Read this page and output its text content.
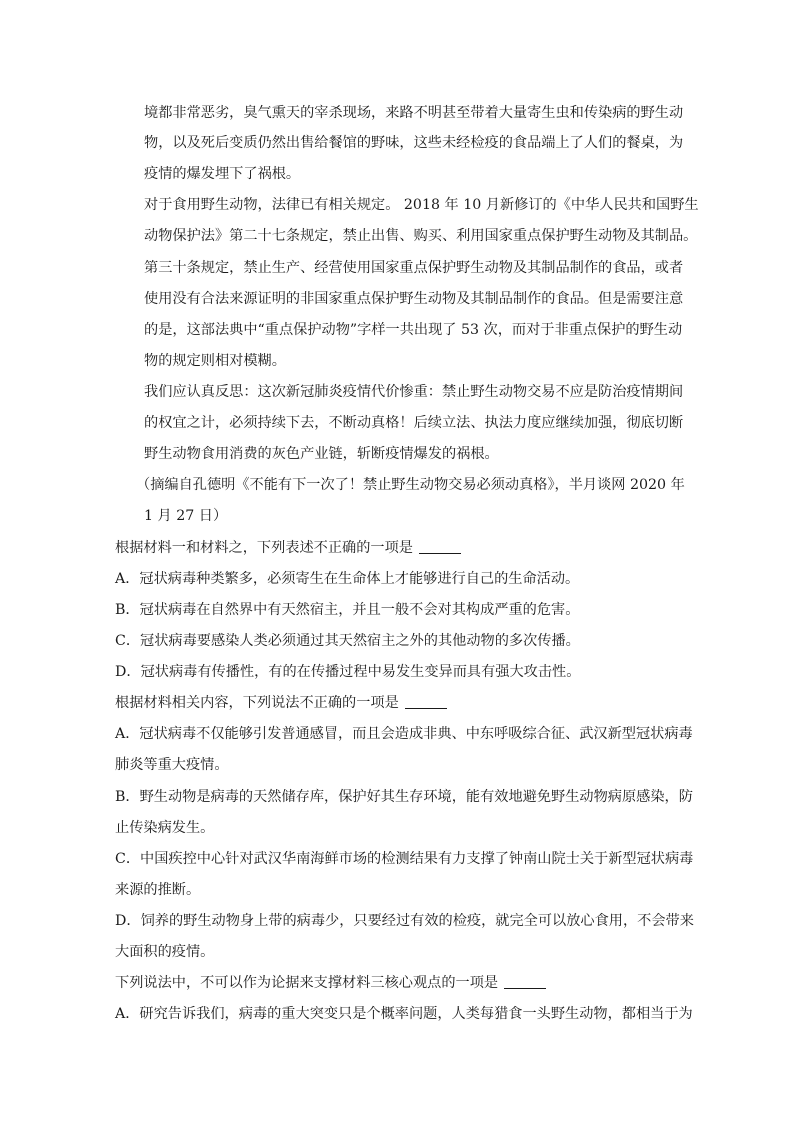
境都非常恶劣，臭气熏天的宰杀现场，来路不明甚至带着大量寄生虫和传染病的野生动
物，以及死后变质仍然出售给餐馆的野味，这些未经检疫的食品端上了人们的餐桌，为
疫情的爆发埋下了祸根。
对于食用野生动物，法律已有相关规定。 2018 年 10 月新修订的《中华人民共和国野生
动物保护法》第二十七条规定，禁止出售、购买、利用国家重点保护野生动物及其制品。
第三十条规定，禁止生产、经营使用国家重点保护野生动物及其制品制作的食品，或者
使用没有合法来源证明的非国家重点保护野生动物及其制品制作的食品。但是需要注意
的是，这部法典中“重点保护动物”字样一共出现了 53 次，而对于非重点保护的野生动
物的规定则相对模糊。
我们应认真反思：这次新冠肺炎疫情代价惨重：禁止野生动物交易不应是防治疫情期间
的权宜之计，必须持续下去，不断动真格！后续立法、执法力度应继续加强，彻底切断
野生动物食用消费的灰色产业链，斩断疫情爆发的祸根。
（摘编自孔德明《不能有下一次了！禁止野生动物交易必须动真格》，半月谈网 2020 年
1 月 27 日）
根据材料一和材料之，下列表述不正确的一项是
A．冠状病毒种类繁多，必须寄生在生命体上才能够进行自己的生命活动。
B．冠状病毒在自然界中有天然宿主，并且一般不会对其构成严重的危害。
C．冠状病毒要感染人类必须通过其天然宿主之外的其他动物的多次传播。
D．冠状病毒有传播性，有的在传播过程中易发生变异而具有强大攻击性。
根据材料相关内容，下列说法不正确的一项是
A．冠状病毒不仅能够引发普通感冒，而且会造成非典、中东呼吸综合征、武汉新型冠状病毒
肺炎等重大疫情。
B．野生动物是病毒的天然储存库，保护好其生存环境，能有效地避免野生动物病原感染，防
止传染病发生。
C．中国疾控中心针对武汉华南海鲜市场的检测结果有力支撑了钟南山院士关于新型冠状病毒
来源的推断。
D．饲养的野生动物身上带的病毒少，只要经过有效的检疫，就完全可以放心食用，不会带来
大面积的疫情。
下列说法中，不可以作为论据来支撑材料三核心观点的一项是
A．研究告诉我们，病毒的重大突变只是个概率问题，人类每猎食一头野生动物，都相当于为
